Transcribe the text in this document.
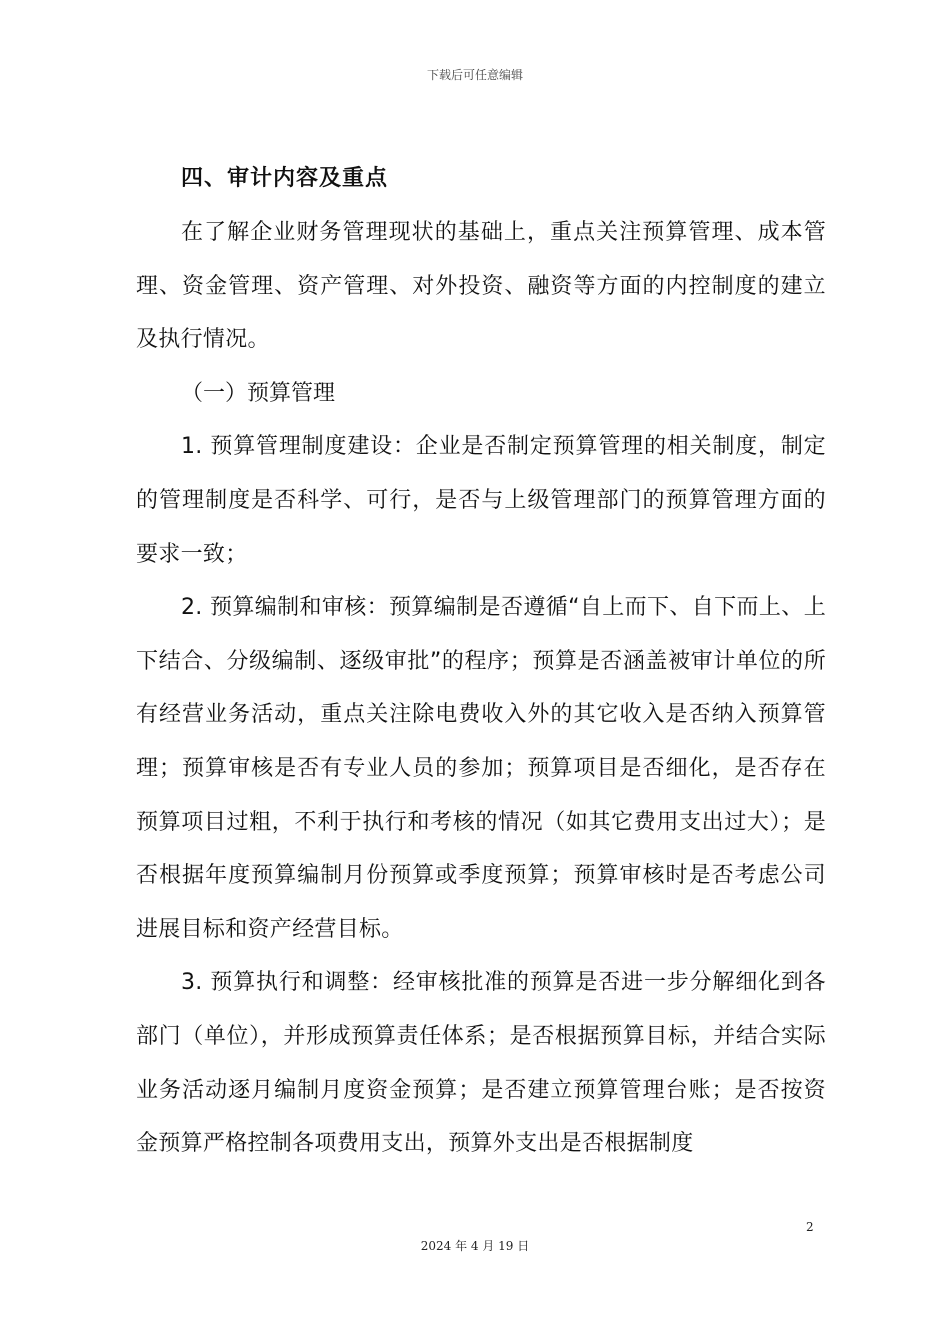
下载后可任意编辑
四、审计内容及重点

在了解企业财务管理现状的基础上，重点关注预算管理、成本管理、资金管理、资产管理、对外投资、融资等方面的内控制度的建立及执行情况。

（一）预算管理

1. 预算管理制度建设：企业是否制定预算管理的相关制度，制定的管理制度是否科学、可行，是否与上级管理部门的预算管理方面的要求一致；

2. 预算编制和审核：预算编制是否遵循“自上而下、自下而上、上下结合、分级编制、逐级审批”的程序；预算是否涵盖被审计单位的所有经营业务活动，重点关注除电费收入外的其它收入是否纳入预算管理；预算审核是否有专业人员的参加；预算项目是否细化，是否存在预算项目过粗，不利于执行和考核的情况（如其它费用支出过大）；是否根据年度预算编制月份预算或季度预算；预算审核时是否考虑公司进展目标和资产经营目标。

3. 预算执行和调整：经审核批准的预算是否进一步分解细化到各部门（单位），并形成预算责任体系；是否根据预算目标，并结合实际业务活动逐月编制月度资金预算；是否建立预算管理台账；是否按资金预算严格控制各项费用支出，预算外支出是否根据制度

2
2024 年 4 月 19 日
